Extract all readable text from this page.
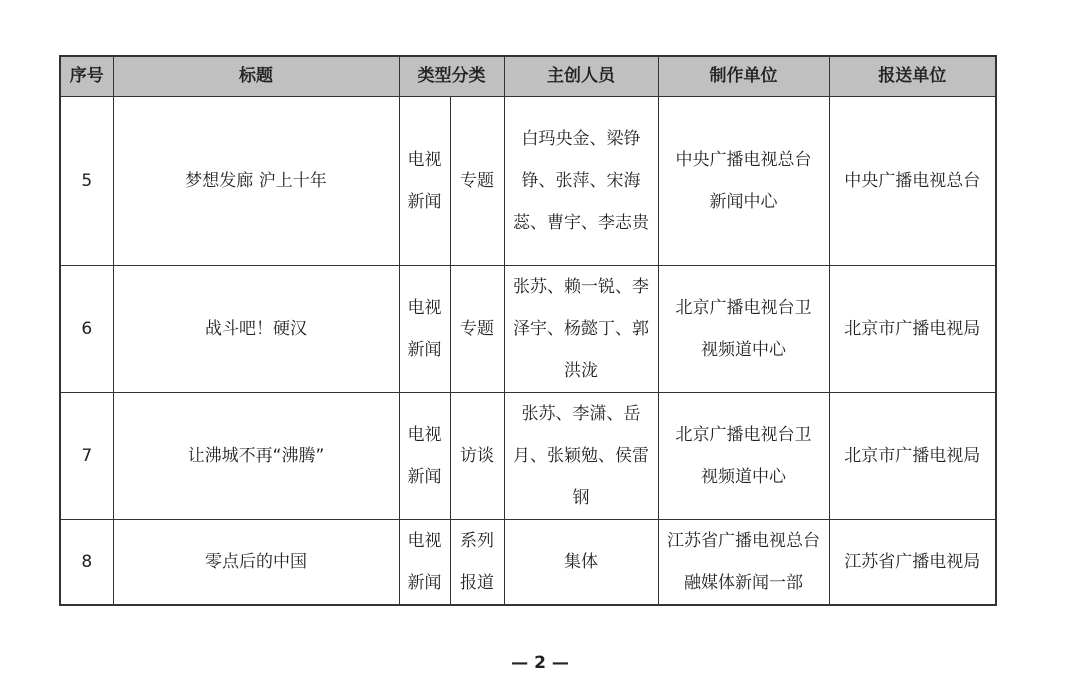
序号	标题	类型分类		主创人员	制作单位	报送单位
5	梦想发廊 沪上十年	电视新闻	专题	白玛央金、梁铮铮、张萍、宋海蕊、曹宇、李志贵	中央广播电视总台新闻中心	中央广播电视总台
6	战斗吧！硬汉	电视新闻	专题	张苏、赖一锐、李泽宇、杨懿丁、郭洪泷	北京广播电视台卫视频道中心	北京市广播电视局
7	让沸城不再“沸腾”	电视新闻	访谈	张苏、李潇、岳月、张颖勉、侯雷钢	北京广播电视台卫视频道中心	北京市广播电视局
8	零点后的中国	电视新闻	系列报道	集体	江苏省广播电视总台融媒体新闻一部	江苏省广播电视局
— 2 —
